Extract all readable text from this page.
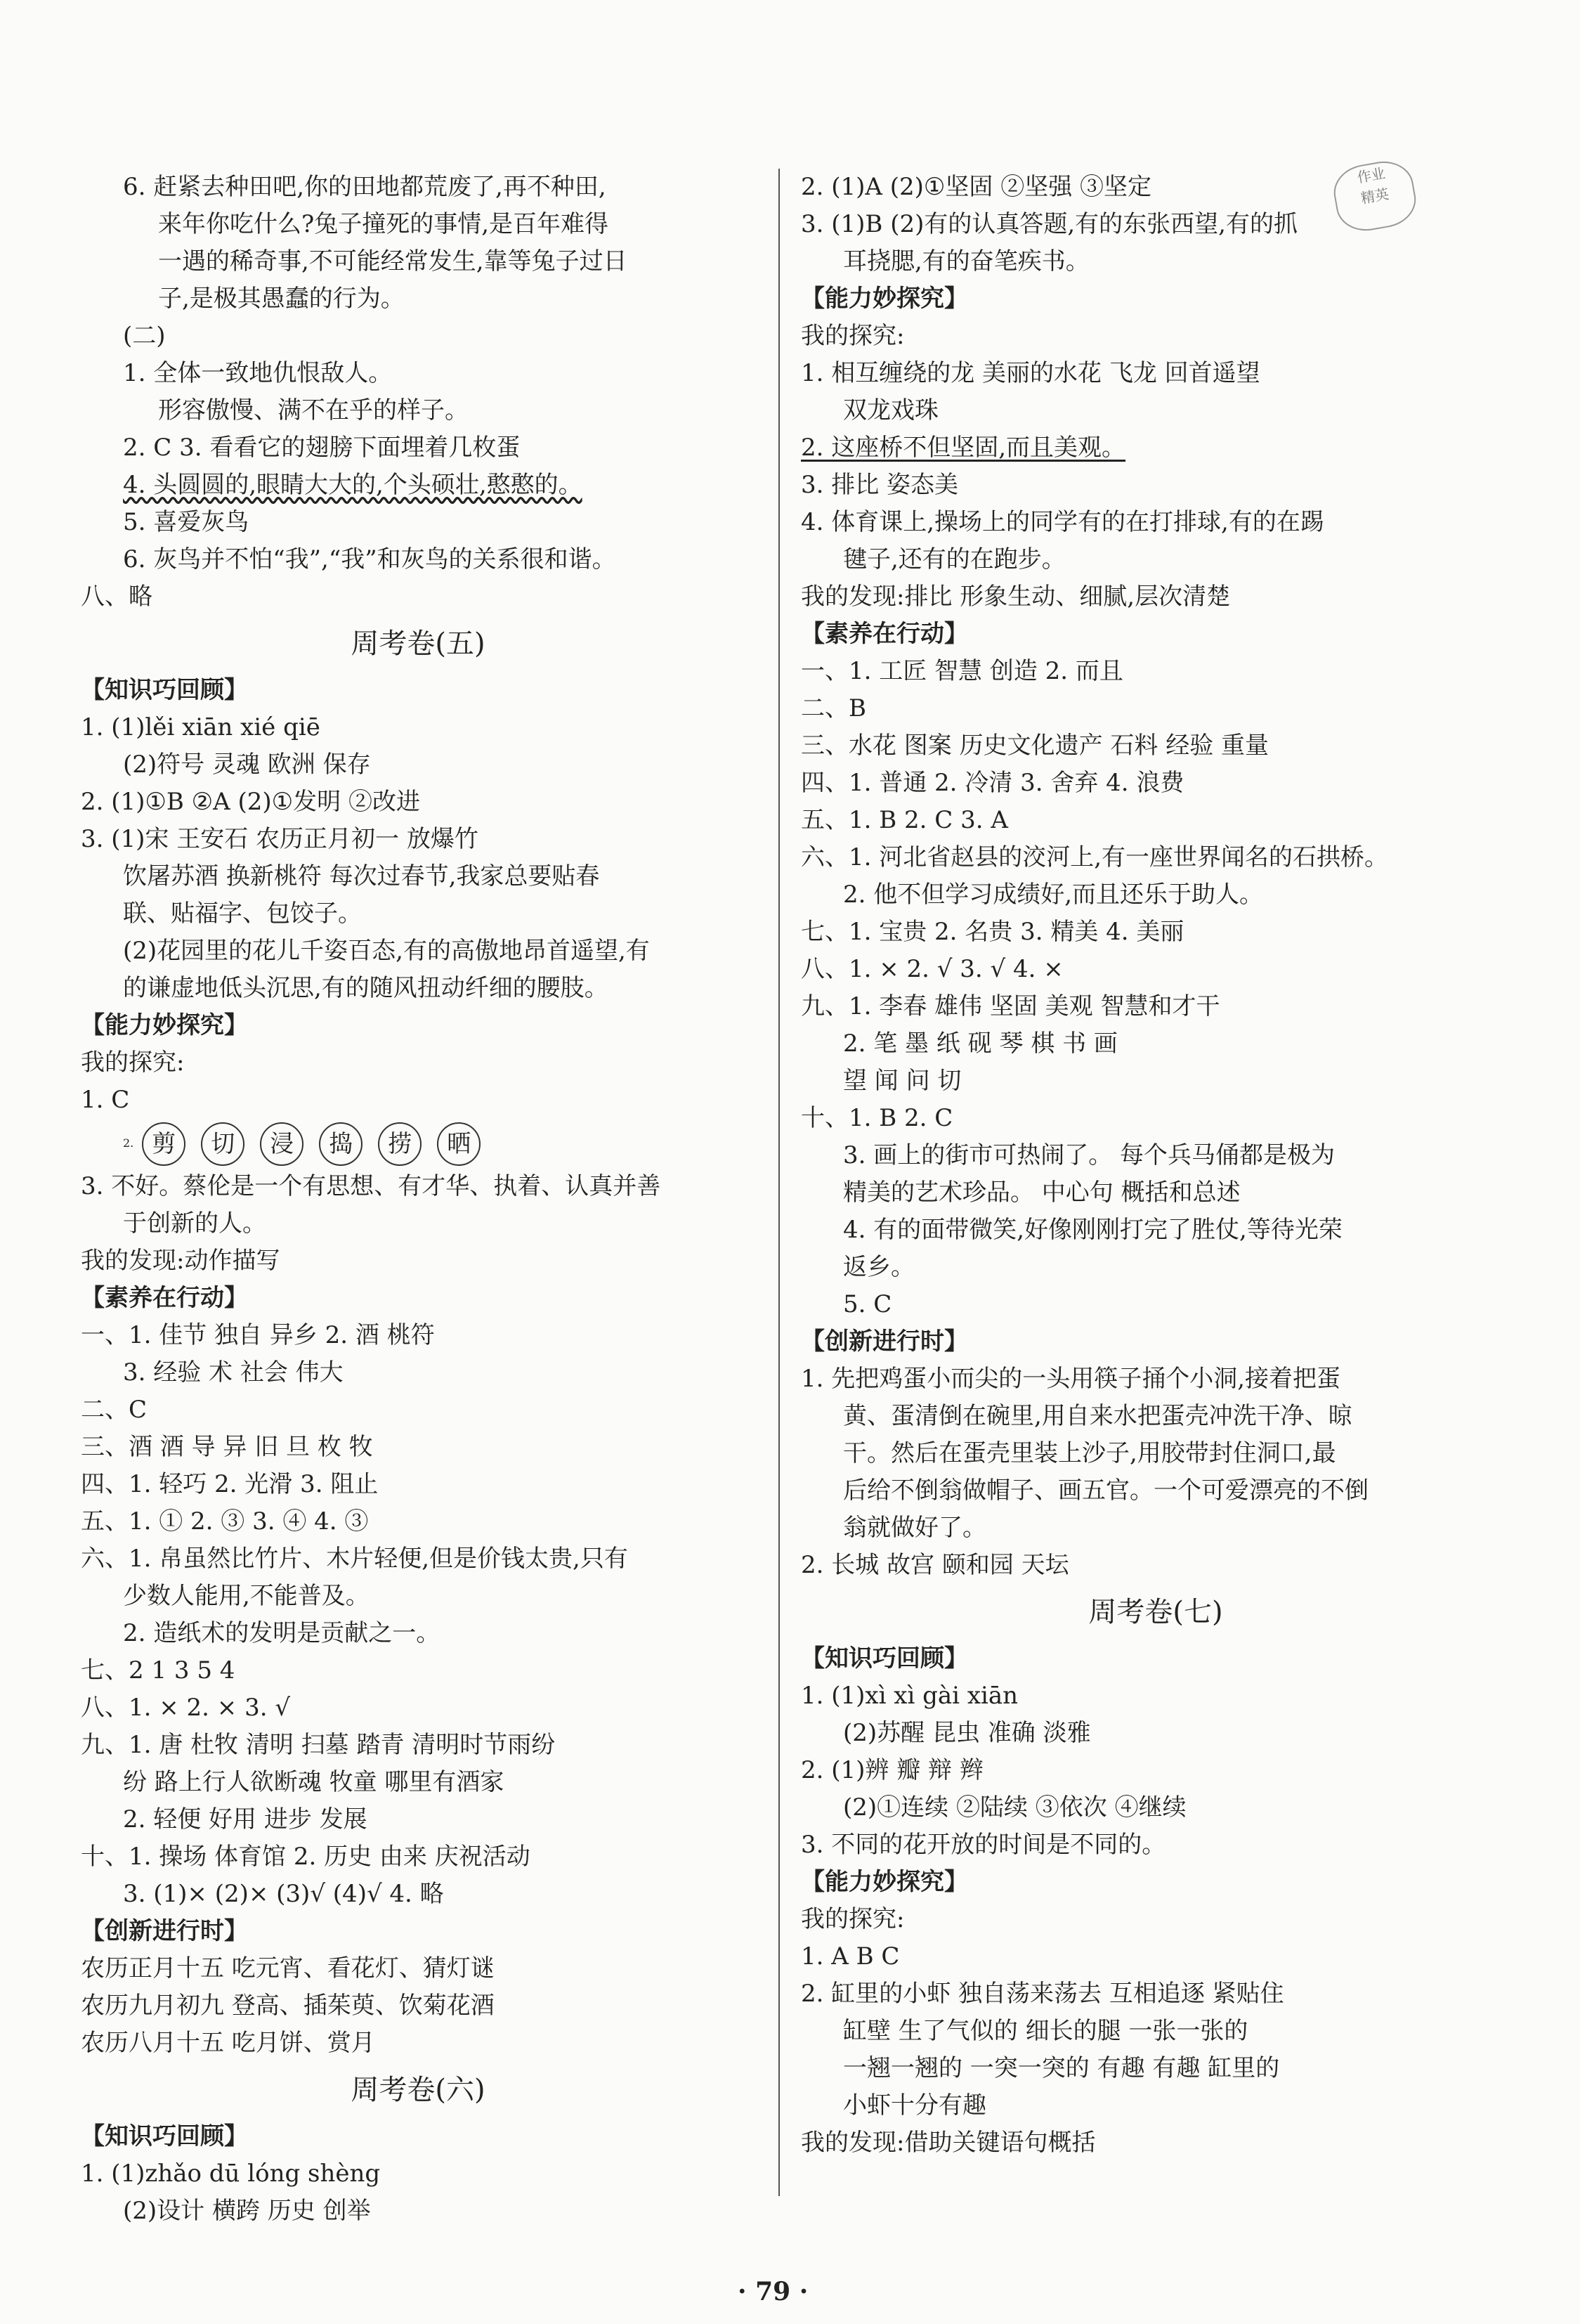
6. 赶紧去种田吧,你的田地都荒废了,再不种田,
来年你吃什么?兔子撞死的事情,是百年难得
一遇的稀奇事,不可能经常发生,靠等兔子过日
子,是极其愚蠢的行为。
(二)
1. 全体一致地仇恨敌人。
形容傲慢、满不在乎的样子。
2. C 3. 看看它的翅膀下面埋着几枚蛋
4. 头圆圆的,眼睛大大的,个头硕壮,憨憨的。
5. 喜爱灰鸟
6. 灰鸟并不怕“我”,“我”和灰鸟的关系很和谐。
八、略
周考卷(五)
【知识巧回顾】
1. (1)lěi xiān xié qiē
(2)符号 灵魂 欧洲 保存
2. (1)①B ②A (2)①发明 ②改进
3. (1)宋 王安石 农历正月初一 放爆竹
饮屠苏酒 换新桃符 每次过春节,我家总要贴春
联、贴福字、包饺子。
(2)花园里的花儿千姿百态,有的高傲地昂首遥望,有
的谦虚地低头沉思,有的随风扭动纤细的腰肢。
【能力妙探究】
我的探究:
1. C
2. 剪 切 浸 捣 捞 晒
3. 不好。蔡伦是一个有思想、有才华、执着、认真并善
于创新的人。
我的发现:动作描写
【素养在行动】
一、1. 佳节 独自 异乡 2. 酒 桃符
3. 经验 术 社会 伟大
二、C
三、酒 酒 导 异 旧 旦 枚 牧
四、1. 轻巧 2. 光滑 3. 阻止
五、1. ① 2. ③ 3. ④ 4. ③
六、1. 帛虽然比竹片、木片轻便,但是价钱太贵,只有
少数人能用,不能普及。
2. 造纸术的发明是贡献之一。
七、2 1 3 5 4
八、1. × 2. × 3. √
九、1. 唐 杜牧 清明 扫墓 踏青 清明时节雨纷
纷 路上行人欲断魂 牧童 哪里有酒家
2. 轻便 好用 进步 发展
十、1. 操场 体育馆 2. 历史 由来 庆祝活动
3. (1)× (2)× (3)√ (4)√ 4. 略
【创新进行时】
农历正月十五 吃元宵、看花灯、猜灯谜
农历九月初九 登高、插茱萸、饮菊花酒
农历八月十五 吃月饼、赏月
周考卷(六)
【知识巧回顾】
1. (1)zhǎo dū lóng shèng
(2)设计 横跨 历史 创举
2. (1)A (2)①坚固 ②坚强 ③坚定
3. (1)B (2)有的认真答题,有的东张西望,有的抓
耳挠腮,有的奋笔疾书。
【能力妙探究】
我的探究:
1. 相互缠绕的龙 美丽的水花 飞龙 回首遥望
双龙戏珠
2. 这座桥不但坚固,而且美观。
3. 排比 姿态美
4. 体育课上,操场上的同学有的在打排球,有的在踢
毽子,还有的在跑步。
我的发现:排比 形象生动、细腻,层次清楚
【素养在行动】
一、1. 工匠 智慧 创造 2. 而且
二、B
三、水花 图案 历史文化遗产 石料 经验 重量
四、1. 普通 2. 冷清 3. 舍弃 4. 浪费
五、1. B 2. C 3. A
六、1. 河北省赵县的洨河上,有一座世界闻名的石拱桥。
2. 他不但学习成绩好,而且还乐于助人。
七、1. 宝贵 2. 名贵 3. 精美 4. 美丽
八、1. × 2. √ 3. √ 4. ×
九、1. 李春 雄伟 坚固 美观 智慧和才干
2. 笔 墨 纸 砚 琴 棋 书 画
望 闻 问 切
十、1. B 2. C
3. 画上的街市可热闹了。 每个兵马俑都是极为
精美的艺术珍品。 中心句 概括和总述
4. 有的面带微笑,好像刚刚打完了胜仗,等待光荣
返乡。
5. C
【创新进行时】
1. 先把鸡蛋小而尖的一头用筷子捅个小洞,接着把蛋
黄、蛋清倒在碗里,用自来水把蛋壳冲洗干净、晾
干。然后在蛋壳里装上沙子,用胶带封住洞口,最
后给不倒翁做帽子、画五官。一个可爱漂亮的不倒
翁就做好了。
2. 长城 故宫 颐和园 天坛
周考卷(七)
【知识巧回顾】
1. (1)xì xì gài xiān
(2)苏醒 昆虫 准确 淡雅
2. (1)辨 瓣 辩 辫
(2)①连续 ②陆续 ③依次 ④继续
3. 不同的花开放的时间是不同的。
【能力妙探究】
我的探究:
1. A B C
2. 缸里的小虾 独自荡来荡去 互相追逐 紧贴住
缸壁 生了气似的 细长的腿 一张一张的
一翘一翘的 一突一突的 有趣 有趣 缸里的
小虾十分有趣
我的发现:借助关键语句概括
作业
精英
· 79 ·
